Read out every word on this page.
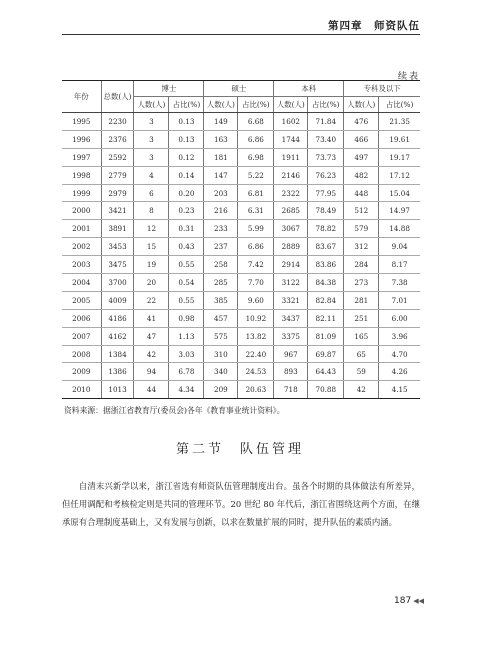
第四章　师资队伍
续表
年份	总数(人)	博士		硕士		本科		专科及以下	
		人数(人)	占比(%)	人数(人)	占比(%)	人数(人)	占比(%)	人数(人)	占比(%)
1995	2230	3	0.13	149	6.68	1602	71.84	476	21.35
1996	2376	3	0.13	163	6.86	1744	73.40	466	19.61
1997	2592	3	0.12	181	6.98	1911	73.73	497	19.17
1998	2779	4	0.14	147	5.22	2146	76.23	482	17.12
1999	2979	6	0.20	203	6.81	2322	77.95	448	15.04
2000	3421	8	0.23	216	6.31	2685	78.49	512	14.97
2001	3891	12	0.31	233	5.99	3067	78.82	579	14.88
2002	3453	15	0.43	237	6.86	2889	83.67	312	9.04
2003	3475	19	0.55	258	7.42	2914	83.86	284	8.17
2004	3700	20	0.54	285	7.70	3122	84.38	273	7.38
2005	4009	22	0.55	385	9.60	3321	82.84	281	7.01
2006	4186	41	0.98	457	10.92	3437	82.11	251	6.00
2007	4162	47	1.13	575	13.82	3375	81.09	165	3.96
2008	1384	42	3.03	310	22.40	967	69.87	65	4.70
2009	1386	94	6.78	340	24.53	893	64.43	59	4.26
2010	1013	44	4.34	209	20.63	718	70.88	42	4.15
资料来源：据浙江省教育厅(委员会)各年《教育事业统计资料》。
第二节　队伍管理
自清末兴新学以来，浙江省选有师资队伍管理制度出台。虽各个时期的具体做法有所差异，但任用调配和考核检定则是共同的管理环节。20 世纪 80 年代后，浙江省围绕这两个方面，在继承原有合理制度基础上，又有发展与创新，以求在数量扩展的同时，提升队伍的素质内涵。
187 ◀◀
